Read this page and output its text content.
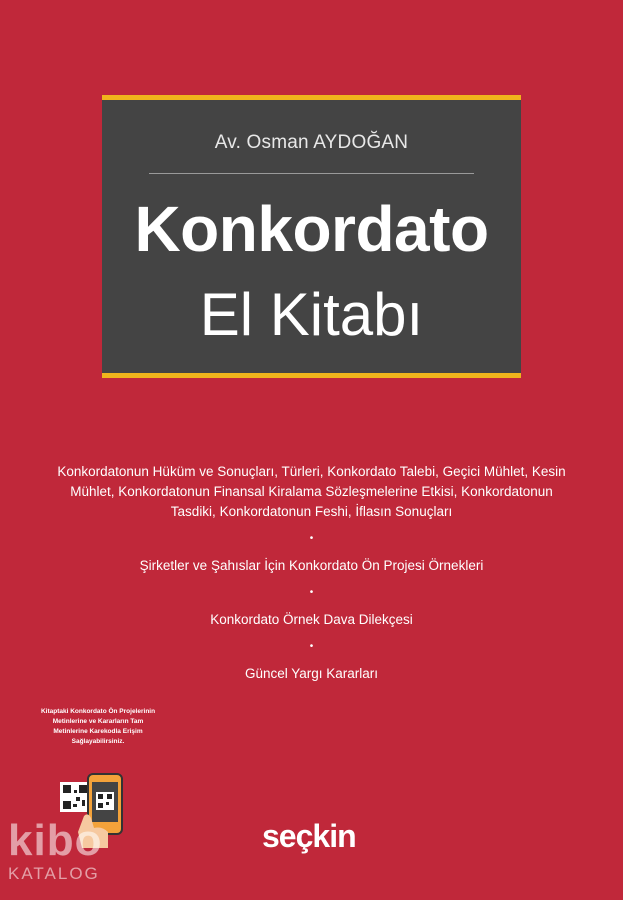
Av. Osman AYDOĞAN
Konkordato
El Kitabı
Konkordatonun Hüküm ve Sonuçları, Türleri, Konkordato Talebi, Geçici Mühlet, Kesin Mühlet, Konkordatonun Finansal Kiralama Sözleşmelerine Etkisi, Konkordatonun Tasdiki, Konkordatonun Feshi, İflasın Sonuçları
•
Şirketler ve Şahıslar İçin Konkordato Ön Projesi Örnekleri
•
Konkordato Örnek Dava Dilekçesi
•
Güncel Yargı Kararları
Kitaptaki Konkordato Ön Projelerinin Metinlerine ve Kararların Tam Metinlerine Karekodla Erişim Sağlayabilirsiniz.
seçkin
kibo
KATALOG
